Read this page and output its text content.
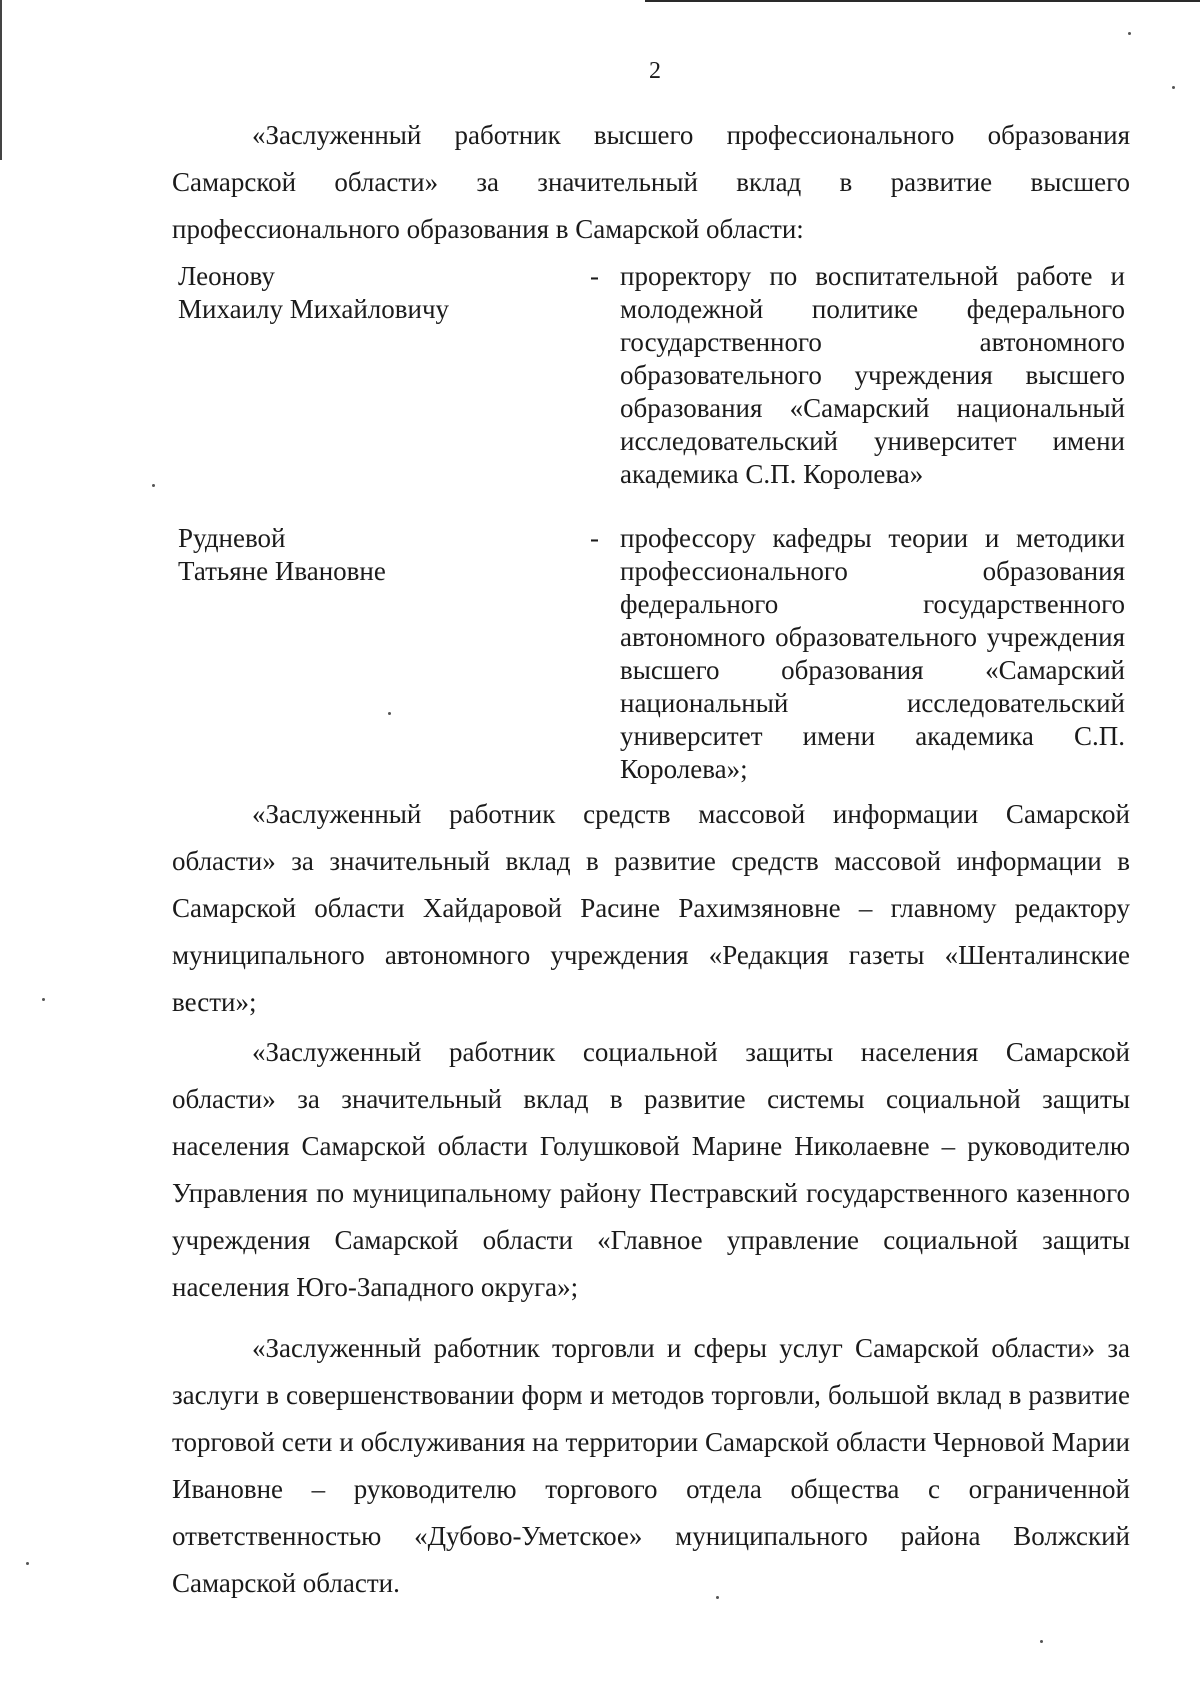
2
«Заслуженный работник высшего профессионального образования Самарской области» за значительный вклад в развитие высшего профессионального образования в Самарской области:
Леонову
Михаилу Михайловичу
- проректору по воспитательной работе и молодежной политике федерального государственного автономного образовательного учреждения высшего образования «Самарский национальный исследовательский университет имени академика С.П. Королева»
Рудневой
Татьяне Ивановне
- профессору кафедры теории и методики профессионального образования федерального государственного автономного образовательного учреждения высшего образования «Самарский национальный исследовательский университет имени академика С.П. Королева»;
«Заслуженный работник средств массовой информации Самарской области» за значительный вклад в развитие средств массовой информации в Самарской области Хайдаровой Расине Рахимзяновне – главному редактору муниципального автономного учреждения «Редакция газеты «Шенталинские вести»;
«Заслуженный работник социальной защиты населения Самарской области» за значительный вклад в развитие системы социальной защиты населения Самарской области Голушковой Марине Николаевне – руководителю Управления по муниципальному району Пестравский государственного казенного учреждения Самарской области «Главное управление социальной защиты населения Юго-Западного округа»;
«Заслуженный работник торговли и сферы услуг Самарской области» за заслуги в совершенствовании форм и методов торговли, большой вклад в развитие торговой сети и обслуживания на территории Самарской области Черновой Марии Ивановне – руководителю торгового отдела общества с ограниченной ответственностью «Дубово-Уметское» муниципального района Волжский Самарской области.
